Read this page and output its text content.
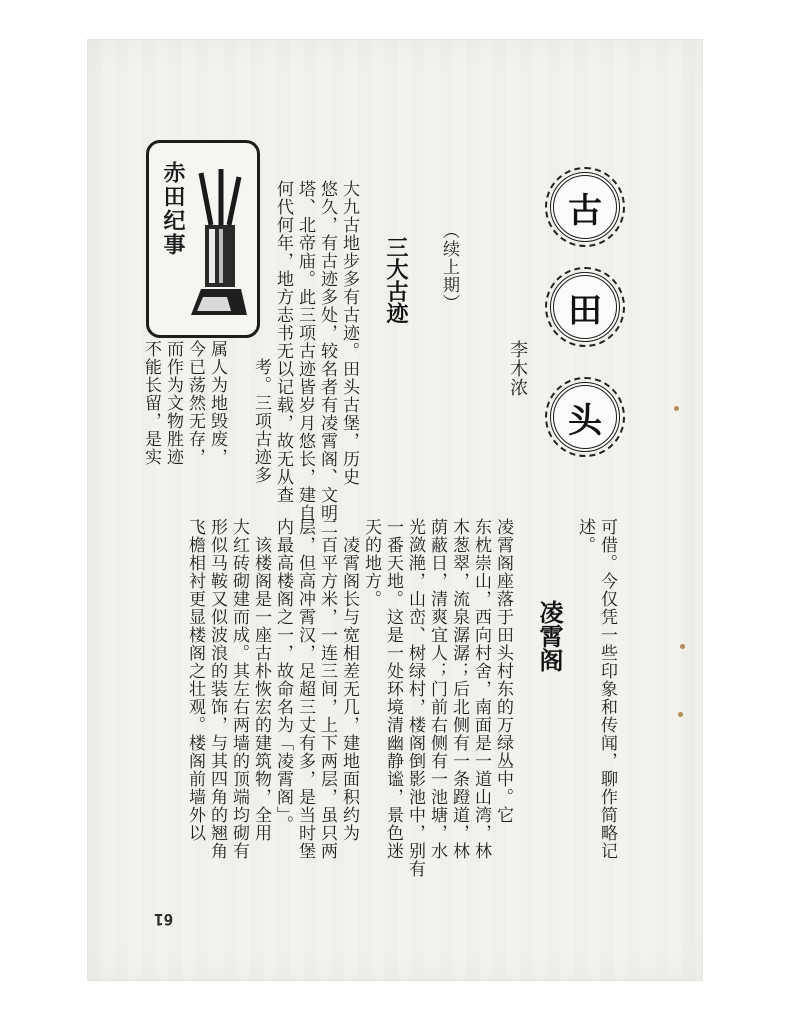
古
田
头
李木浓
赤田纪事
三大古迹 （续上期）
大九古地步多有古迹。田头古堡，历史
悠久，有古迹多处，较名者有凌霄阁、文明
塔、北帝庙。此三项古迹皆岁月悠长，建自
何代何年，地方志书无以记载，故无从查
考。三项古迹多
属人为地毁废，
今已荡然无存，
而作为文物胜迹
不能长留，是实
凌霄阁 可借。今仅凭一些印象和传闻，聊作简略记
述。
凌霄阁座落于田头村东的万绿丛中。它
东枕崇山，西向村舍，南面是一道山湾，林
木葱翠，流泉潺潺；后北侧有一条蹬道，林
荫蔽日，清爽宜人；门前右侧有一池塘，水
光潋滟，山峦、树绿村，楼阁倒影池中，别有
一番天地。这是一处环境清幽静谧，景色迷
天的地方。
凌霄阁长与宽相差无几，建地面积约为
二百平方米，一连三间，上下两层，虽只两
层，但高冲霄汉，足超三丈有多，是当时堡
内最高楼阁之一，故命名为「凌霄阁」。
该楼阁是一座古朴恢宏的建筑物，全用
大红砖砌建而成。其左右两墙的顶端均砌有
形似马鞍又似波浪的装饰，与其四角的翘角
飞檐相衬更显楼阁之壮观。楼阁前墙外以
61
